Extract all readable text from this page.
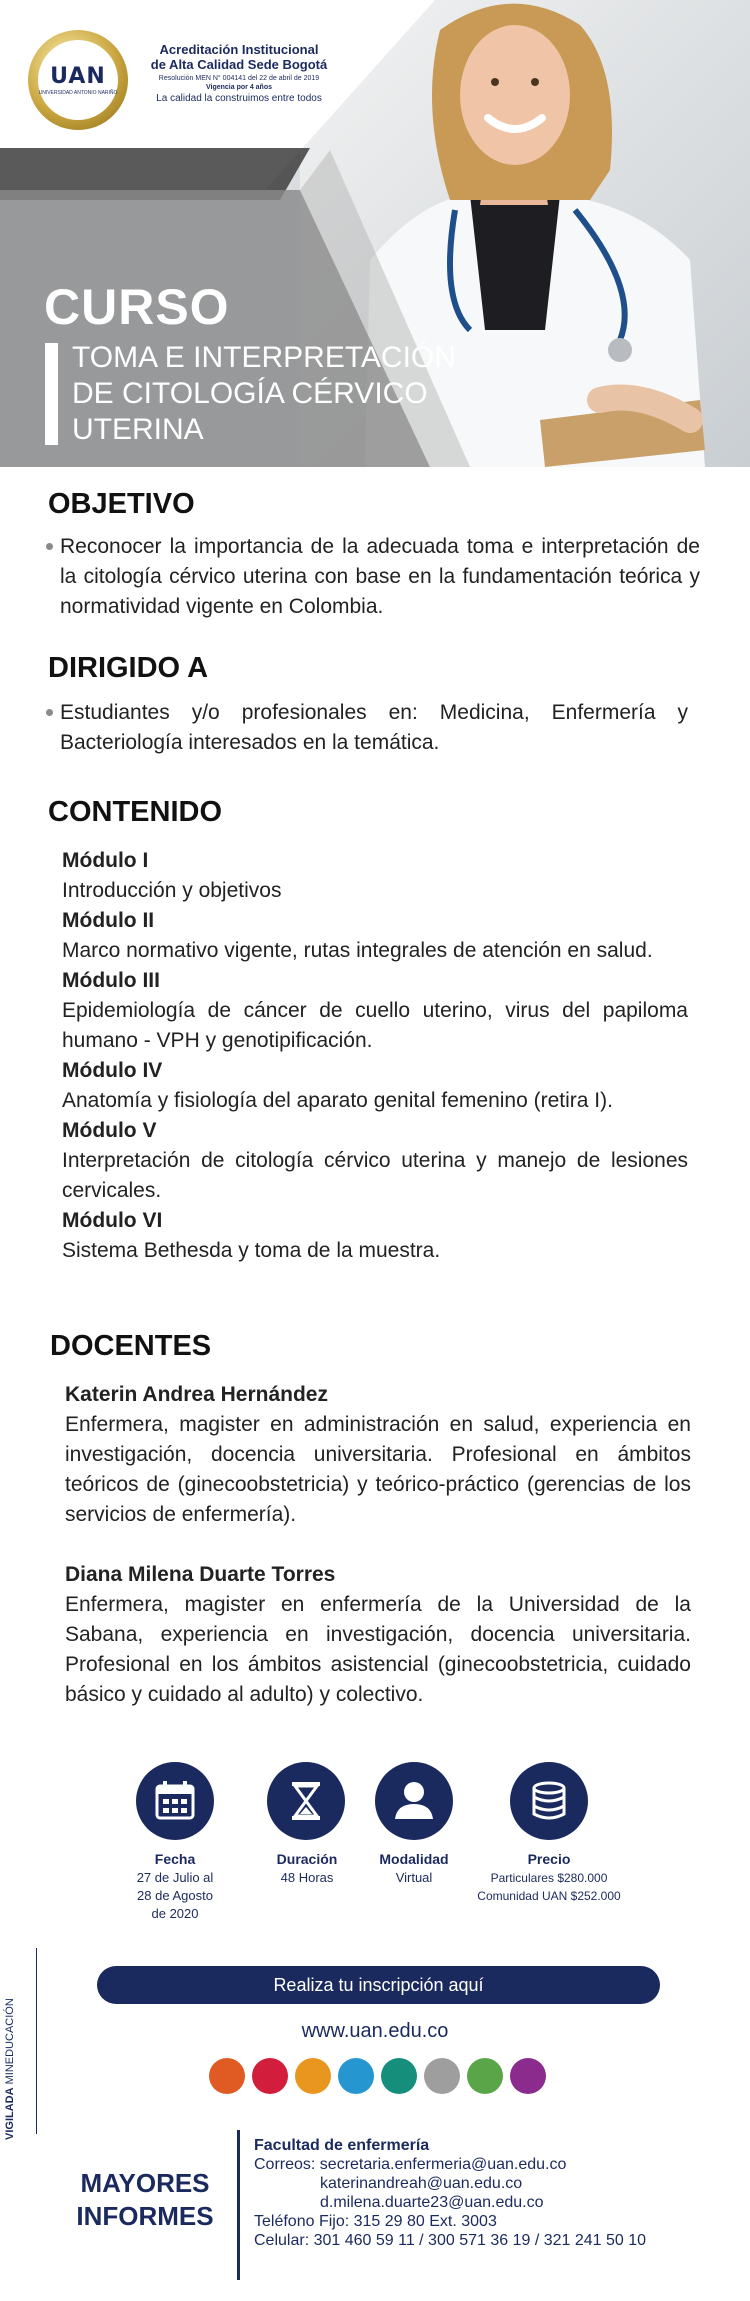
UAN
UNIVERSIDAD ANTONIO NARIÑO
Acreditación Institucional
de Alta Calidad Sede Bogotá
Resolución MEN N° 004141 del 22 de abril de 2019
Vigencia por 4 años
La calidad la construimos entre todos
CURSO
TOMA E INTERPRETACIÓN
DE CITOLOGÍA CÉRVICO
UTERINA
OBJETIVO
Reconocer la importancia de la adecuada toma e interpretación de la citología cérvico uterina con base en la fundamentación teórica y normatividad vigente en Colombia.
DIRIGIDO A
Estudiantes y/o profesionales en: Medicina, Enfermería y Bacteriología interesados en la temática.
CONTENIDO
Módulo I
Introducción y objetivos
Módulo II
Marco normativo vigente, rutas integrales de atención en salud.
Módulo III
Epidemiología de cáncer de cuello uterino, virus del papiloma humano - VPH y genotipificación.
Módulo IV
Anatomía y fisiología del aparato genital femenino (retira I).
Módulo V
Interpretación de citología cérvico uterina y manejo de lesiones cervicales.
Módulo VI
Sistema Bethesda y toma de la muestra.
DOCENTES
Katerin Andrea Hernández
Enfermera, magister en administración en salud, experiencia en investigación, docencia universitaria. Profesional en ámbitos teóricos de (ginecoobstetricia) y teórico-práctico (gerencias de los servicios de enfermería).
Diana Milena Duarte Torres
Enfermera, magister en enfermería de la Universidad de la Sabana, experiencia en investigación, docencia universitaria. Profesional en los ámbitos asistencial (ginecoobstetricia, cuidado básico y cuidado al adulto) y colectivo.
Fecha
27 de Julio al
28 de Agosto
de 2020
Duración
48 Horas
Modalidad
Virtual
Precio
Particulares $280.000
Comunidad UAN $252.000
Realiza tu inscripción aquí
www.uan.edu.co
VIGILADA MINEDUCACIÓN
MAYORES
INFORMES
Facultad de enfermería
Correos: secretaria.enfermeria@uan.edu.co
katerinandreah@uan.edu.co
d.milena.duarte23@uan.edu.co
Teléfono Fijo: 315 29 80 Ext. 3003
Celular: 301 460 59 11 / 300 571 36 19 / 321 241 50 10
